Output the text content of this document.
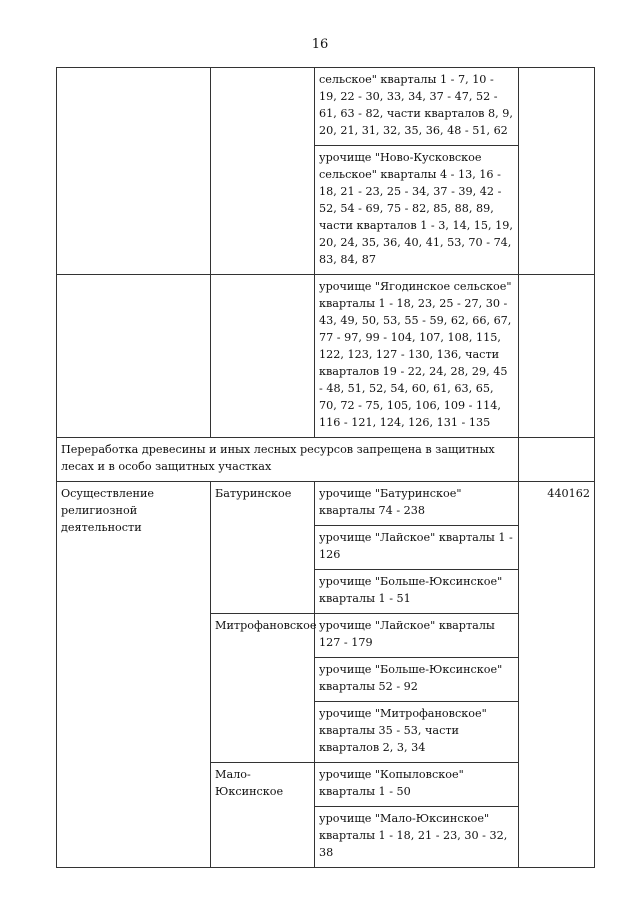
16
		сельское" кварталы 1 - 7, 10 - 19, 22 - 30, 33, 34, 37 - 47, 52 - 61, 63 - 82, части кварталов 8, 9, 20, 21, 31, 32, 35, 36, 48 - 51, 62	
		урочище "Ново-Кусковское сельское" кварталы 4 - 13, 16 - 18, 21 - 23, 25 - 34, 37 - 39, 42 - 52, 54 - 69, 75 - 82, 85, 88, 89, части кварталов 1 - 3, 14, 15, 19, 20, 24, 35, 36, 40, 41, 53, 70 - 74, 83, 84, 87	
		урочище "Ягодинское сельское" кварталы 1 - 18, 23, 25 - 27, 30 - 43, 49, 50, 53, 55 - 59, 62, 66, 67, 77 - 97, 99 - 104, 107, 108, 115, 122, 123, 127 - 130, 136, части кварталов 19 - 22, 24, 28, 29, 45 - 48, 51, 52, 54, 60, 61, 63, 65, 70, 72 - 75, 105, 106, 109 - 114, 116 - 121, 124, 126, 131 - 135	
Переработка древесины и иных лесных ресурсов запрещена в защитных лесах и в особо защитных участках			
Осуществление религиозной деятельности	Батуринское	урочище "Батуринское" кварталы 74 - 238	440162
		урочище "Лайское" кварталы 1 - 126	
		урочище "Больше-Юксинское" кварталы 1 - 51	
	Митрофановское	урочище "Лайское" кварталы 127 - 179	
		урочище "Больше-Юксинское" кварталы 52 - 92	
		урочище "Митрофановское" кварталы 35 - 53, части кварталов 2, 3, 34	
	Мало-Юксинское	урочище "Копыловское" кварталы 1 - 50	
		урочище "Мало-Юксинское" кварталы 1 - 18, 21 - 23, 30 - 32, 38	
